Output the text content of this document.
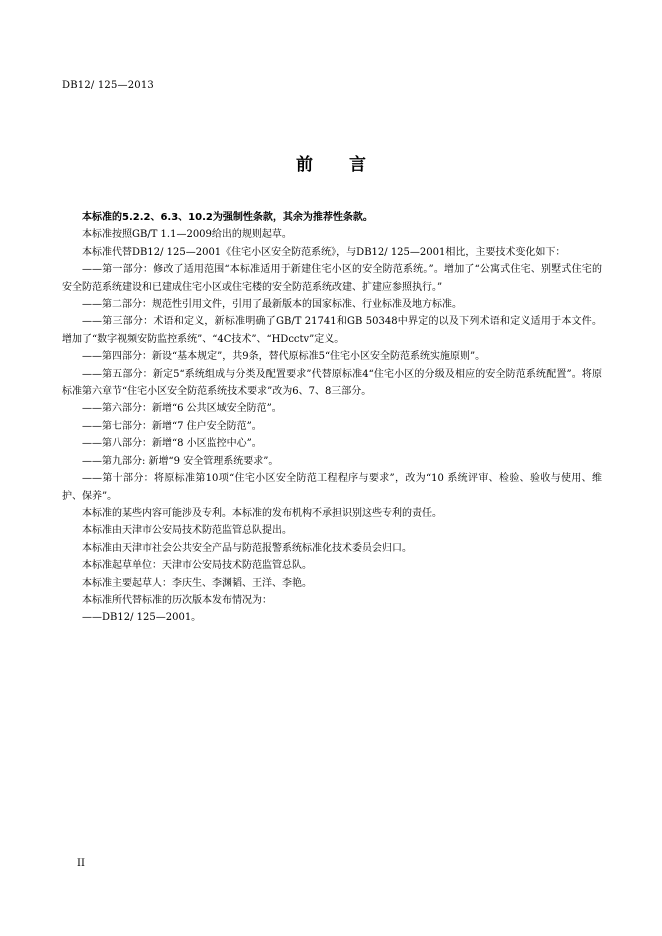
DB12/ 125—2013
前 言

本标准的5.2.2、6.3、10.2为强制性条款，其余为推荐性条款。

本标准按照GB/T 1.1—2009给出的规则起草。

本标准代替DB12/ 125—2001《住宅小区安全防范系统》，与DB12/ 125—2001相比，主要技术变化如下：

——第一部分：修改了适用范围“本标准适用于新建住宅小区的安全防范系统。”。增加了“公寓式住宅、别墅式住宅的安全防范系统建设和已建成住宅小区或住宅楼的安全防范系统改建、扩建应参照执行。”

——第二部分：规范性引用文件，引用了最新版本的国家标准、行业标准及地方标准。

——第三部分：术语和定义，新标准明确了GB/T 21741和GB 50348中界定的以及下列术语和定义适用于本文件。增加了“数字视频安防监控系统”、“4C技术”、“HDcctv”定义。

——第四部分：新设“基本规定”，共9条，替代原标准5“住宅小区安全防范系统实施原则”。

——第五部分：新定5“系统组成与分类及配置要求”代替原标准4“住宅小区的分级及相应的安全防范系统配置”。将原标准第六章节“住宅小区安全防范系统技术要求”改为6、7、8三部分。

——第六部分：新增“6 公共区域安全防范”。

——第七部分：新增“7 住户安全防范”。

——第八部分：新增“8 小区监控中心”。

——第九部分: 新增“9 安全管理系统要求”。

——第十部分：将原标准第10项“住宅小区安全防范工程程序与要求”，改为“10 系统评审、检验、验收与使用、维护、保养”。

本标准的某些内容可能涉及专利。本标准的发布机构不承担识别这些专利的责任。

本标准由天津市公安局技术防范监管总队提出。

本标准由天津市社会公共安全产品与防范报警系统标准化技术委员会归口。

本标准起草单位：天津市公安局技术防范监管总队。

本标准主要起草人：李庆生、李渊韬、王洋、李艳。

本标准所代替标准的历次版本发布情况为：

——DB12/ 125—2001。

II
